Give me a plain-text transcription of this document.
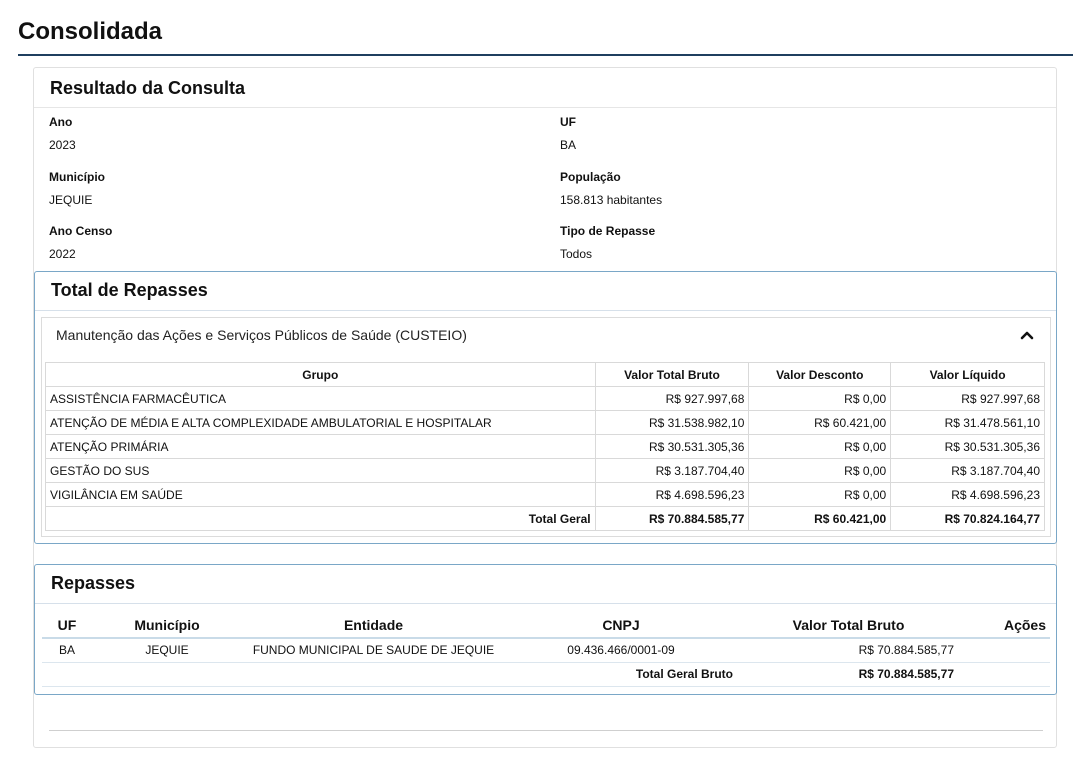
Consolidada
Resultado da Consulta
Ano
2023
UF
BA
Município
JEQUIE
População
158.813 habitantes
Ano Censo
2022
Tipo de Repasse
Todos
Total de Repasses
Manutenção das Ações e Serviços Públicos de Saúde (CUSTEIO)
Grupo	Valor Total Bruto	Valor Desconto	Valor Líquido
ASSISTÊNCIA FARMACÊUTICA	R$ 927.997,68	R$ 0,00	R$ 927.997,68
ATENÇÃO DE MÉDIA E ALTA COMPLEXIDADE AMBULATORIAL E HOSPITALAR	R$ 31.538.982,10	R$ 60.421,00	R$ 31.478.561,10
ATENÇÃO PRIMÁRIA	R$ 30.531.305,36	R$ 0,00	R$ 30.531.305,36
GESTÃO DO SUS	R$ 3.187.704,40	R$ 0,00	R$ 3.187.704,40
VIGILÂNCIA EM SAÚDE	R$ 4.698.596,23	R$ 0,00	R$ 4.698.596,23
Total Geral	R$ 70.884.585,77	R$ 60.421,00	R$ 70.824.164,77
Repasses
UF	Município	Entidade	CNPJ	Valor Total Bruto	Ações
BA	JEQUIE	FUNDO MUNICIPAL DE SAUDE DE JEQUIE	09.436.466/0001-09	R$ 70.884.585,77	
			Total Geral Bruto	R$ 70.884.585,77	
